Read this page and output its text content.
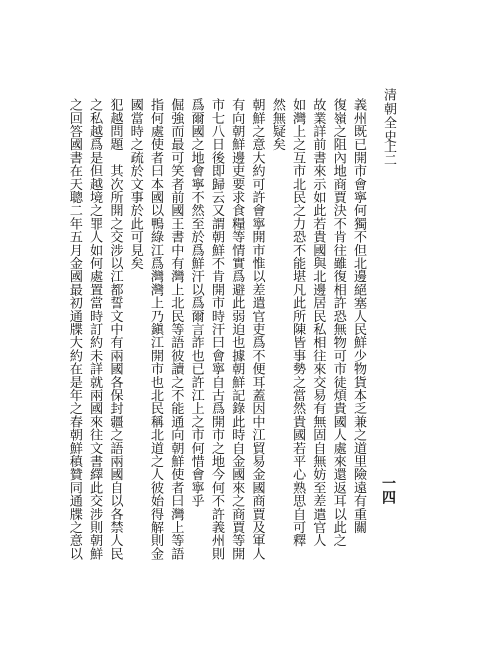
清朝全史
上二
一四
義州既已開市會寧何獨不但北邊絕塞人民鮮少物貨本乏兼之道里險遠有重關
復嶺之阻內地商賈決不肯往雖復相許恐無物可市徒煩貴國人處來還返耳以此之
故業詳前書來示如此若貴國與北邊居民私相往來交易有無固自無妨至差遣官人
如灣上之互市北民之力恐不能堪凡此所陳皆事勢之當然貴國若平心熟思自可釋
然無疑矣
朝鮮之意大約可許會寧開市惟以差遣官吏爲不便耳蓋因中江貿易金國商賈及軍人
有向朝鮮邊吏要求食糧等情實爲避此弱迫也據朝鮮記錄此時自金國來之商賈等開
市七八日後即歸云又謂朝鮮不肯開市時汗曰會寧自古爲開市之地今何不許義州則
爲爾國之地會寧不然至於爲鮮汗以爲爾言詐也已許江上之市何惜會寧乎
倔強而最可笑者前國王書中有灣上北民等語彼讀之不能通向朝鮮使者曰灣上等語
指何處使者曰本國以鴨綠江爲灣灣上乃鎭江開市也北民稱北道之人彼始得解則金
國當時之疏於文事於此可見矣
犯越問題　其次所開之交涉以江都誓文中有兩國各保封疆之語兩國自以各禁人民
之私越爲是但越境之罪人如何處置當時訂約未詳就兩國來往文書繹此交涉則朝鮮
之回答國書在天聰二年五月金國最初通牒大約在是年之春朝鮮稹贊同通牒之意以
